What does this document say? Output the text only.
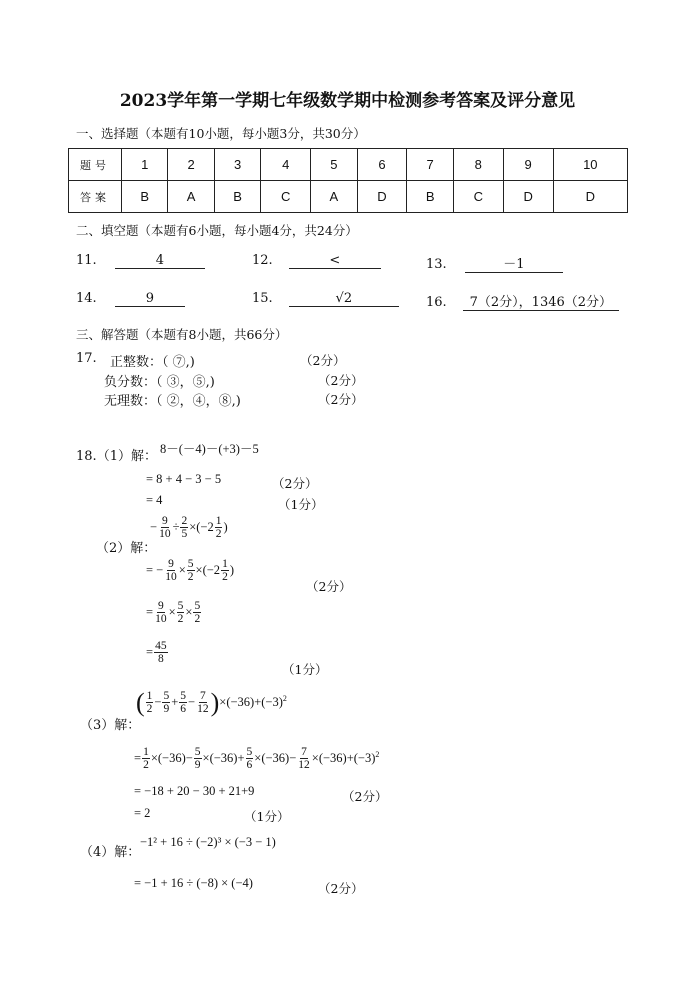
2023学年第一学期七年级数学期中检测参考答案及评分意见
一、选择题（本题有10小题，每小题3分，共30分）
题号	1	2	3	4	5	6	7	8	9	10
答案	B	A	B	C	A	D	B	C	D	D
二、填空题（本题有6小题，每小题4分，共24分）
11.	4	12.	<	13.	－1
14.	9	15.	√2	16. 7（2分），1346（2分）
三、解答题（本题有8小题，共66分）
17. 正整数：（ ⑦,)	（2分）
负分数：（ ③，⑤,)	（2分）
无理数：（ ②，④，⑧,)	（2分）
18.（1）解： 8－(－4)－(+3)－5
= 8 + 4 − 3 − 5	（2分）
= 4	（1分）
（2）解：
− $\frac{9}{10} \div \frac{2}{5} \times(-2 \frac{1}{2}$ )
= − $\frac{9}{10} \times \frac{5}{2} \times(-2 \frac{1}{2}$ )
（2分）
= $\frac{9}{10} \times \frac{5}{2} \times \frac{5}{2}$
= $\frac{45}{8}$
（1分）
（3）解：
( $\frac{1}{2} - \frac{5}{9} + \frac{5}{6} - \frac{7}{12}$ ) $\times(-36)+(-3)^2$
= $\frac{1}{2} \times(-36)- \frac{5}{9} \times(-36)+ \frac{5}{6} \times(-36)- \frac{7}{12} \times(-36)+(-3)^2$
= −18 + 20 − 30 + 21+9	（2分）
= 2	（1分）
（4）解：
−1² + 16 ÷ (−2)³ × (−3 − 1)
= −1 + 16 ÷ (−8) × (−4)	（2分）
